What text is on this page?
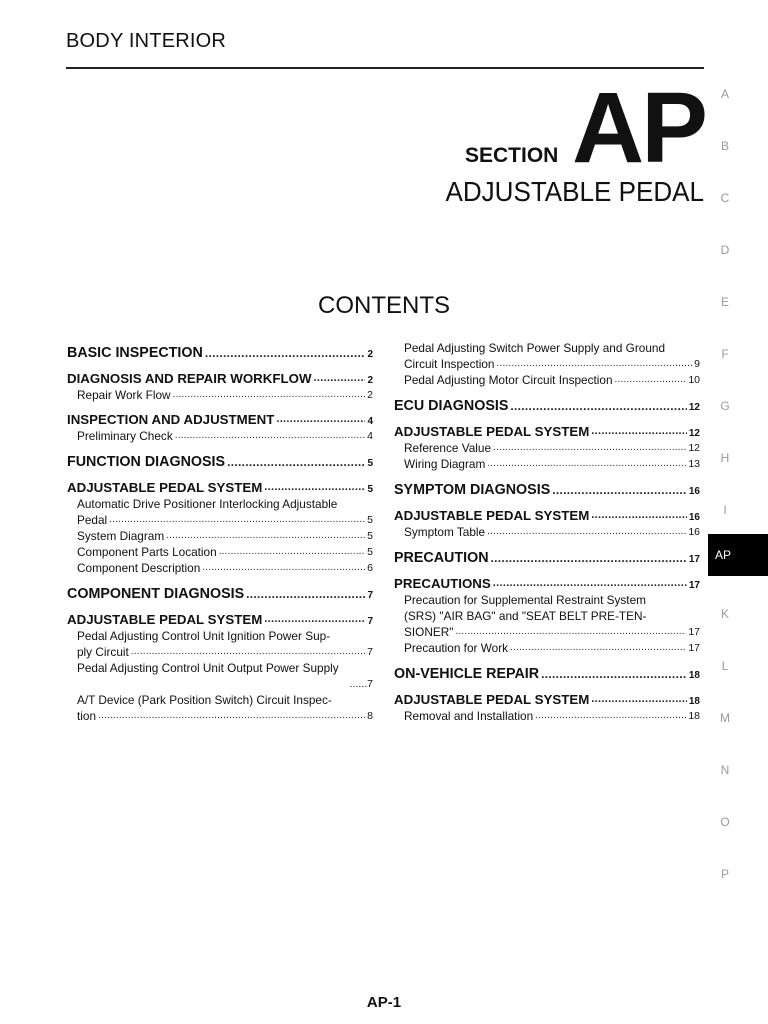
BODY INTERIOR
SECTION AP
ADJUSTABLE PEDAL
CONTENTS
BASIC INSPECTION .....	2
DIAGNOSIS AND REPAIR WORKFLOW .....	2
Repair Work Flow .....	2
INSPECTION AND ADJUSTMENT .....	4
Preliminary Check .....	4
FUNCTION DIAGNOSIS .....	5
ADJUSTABLE PEDAL SYSTEM .....	5
Automatic Drive Positioner Interlocking Adjustable
Pedal .....	5
System Diagram .....	5
Component Parts Location .....	5
Component Description .....	6
COMPONENT DIAGNOSIS .....	7
ADJUSTABLE PEDAL SYSTEM .....	7
Pedal Adjusting Control Unit Ignition Power Sup-
ply Circuit .....	7
Pedal Adjusting Control Unit Output Power Supply
......7
A/T Device (Park Position Switch) Circuit Inspec-
tion .....	8
Pedal Adjusting Switch Power Supply and Ground
Circuit Inspection .....	9
Pedal Adjusting Motor Circuit Inspection .....	10
ECU DIAGNOSIS .....	12
ADJUSTABLE PEDAL SYSTEM .....	12
Reference Value .....	12
Wiring Diagram .....	13
SYMPTOM DIAGNOSIS .....	16
ADJUSTABLE PEDAL SYSTEM .....	16
Symptom Table .....	16
PRECAUTION .....	17
PRECAUTIONS .....	17
Precaution for Supplemental Restraint System
(SRS) "AIR BAG" and "SEAT BELT PRE-TEN-
SIONER" .....	17
Precaution for Work .....	17
ON-VEHICLE REPAIR .....	18
ADJUSTABLE PEDAL SYSTEM .....	18
Removal and Installation .....	18
A
B
C
D
E
F
G
H
I
K
L
M
N
O
P
AP
AP-1
